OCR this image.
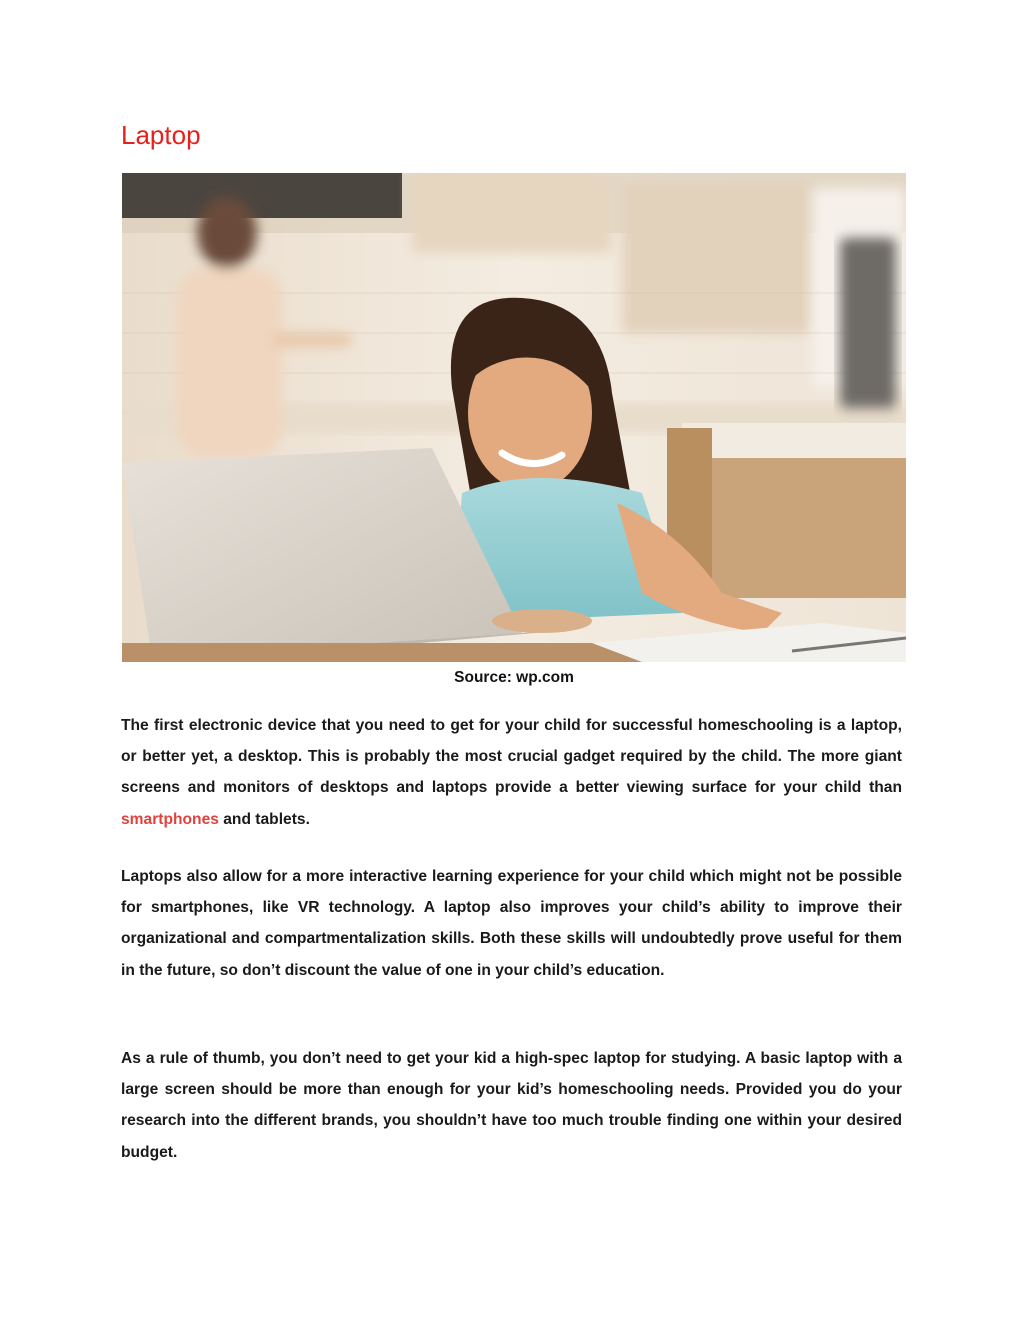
Laptop
Source: wp.com

The first electronic device that you need to get for your child for successful homeschooling is a laptop, or better yet, a desktop. This is probably the most crucial gadget required by the child. The more giant screens and monitors of desktops and laptops provide a better viewing surface for your child than smartphones and tablets.

Laptops also allow for a more interactive learning experience for your child which might not be possible for smartphones, like VR technology. A laptop also improves your child’s ability to improve their organizational and compartmentalization skills. Both these skills will undoubtedly prove useful for them in the future, so don’t discount the value of one in your child’s education.

As a rule of thumb, you don’t need to get your kid a high-spec laptop for studying. A basic laptop with a large screen should be more than enough for your kid’s homeschooling needs. Provided you do your research into the different brands, you shouldn’t have too much trouble finding one within your desired budget.
